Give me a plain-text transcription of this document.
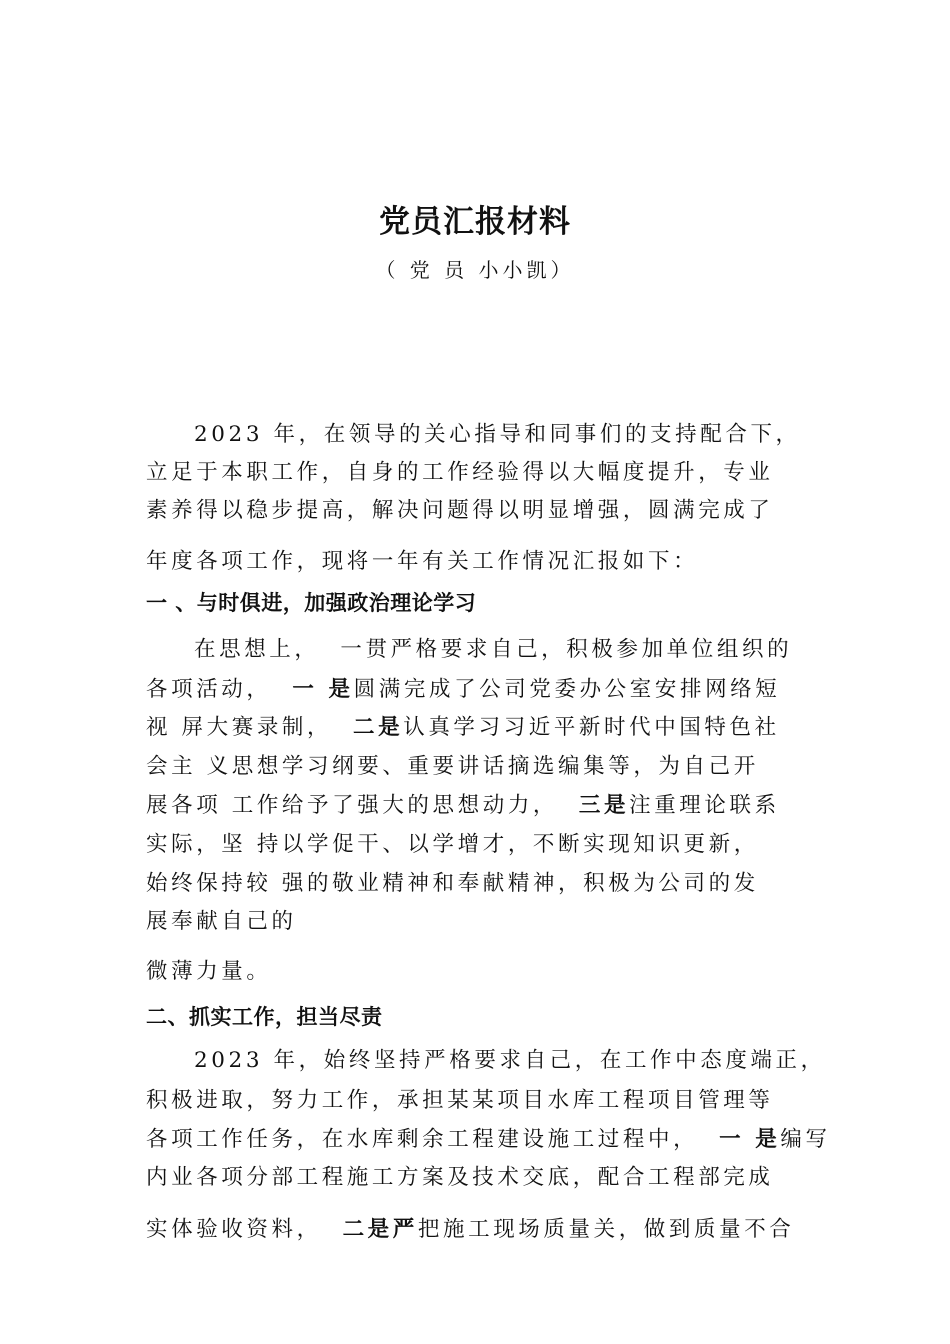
党员汇报材料
（ 党 员 小小凯）
2023 年，在领导的关心指导和同事们的支持配合下，
立足于本职工作，自身的工作经验得以大幅度提升，专业
素养得以稳步提高，解决问题得以明显增强，圆满完成了
年度各项工作，现将一年有关工作情况汇报如下：
一 、与时俱进，加强政治理论学习
在思想上，  一贯严格要求自己，积极参加单位组织的
各项活动，  一 是圆满完成了公司党委办公室安排网络短
视 屏大赛录制，  二是认真学习习近平新时代中国特色社
会主 义思想学习纲要、重要讲话摘选编集等，为自己开
展各项 工作给予了强大的思想动力，  三是注重理论联系
实际，坚 持以学促干、以学增才，不断实现知识更新，
始终保持较 强的敬业精神和奉献精神，积极为公司的发
展奉献自己的
微薄力量。
二、抓实工作，担当尽责
2023 年，始终坚持严格要求自己，在工作中态度端正，
积极进取，努力工作，承担某某项目水库工程项目管理等
各项工作任务，在水库剩余工程建设施工过程中，  一 是编写
内业各项分部工程施工方案及技术交底，配合工程部完成
实体验收资料，  二是严把施工现场质量关，做到质量不合
